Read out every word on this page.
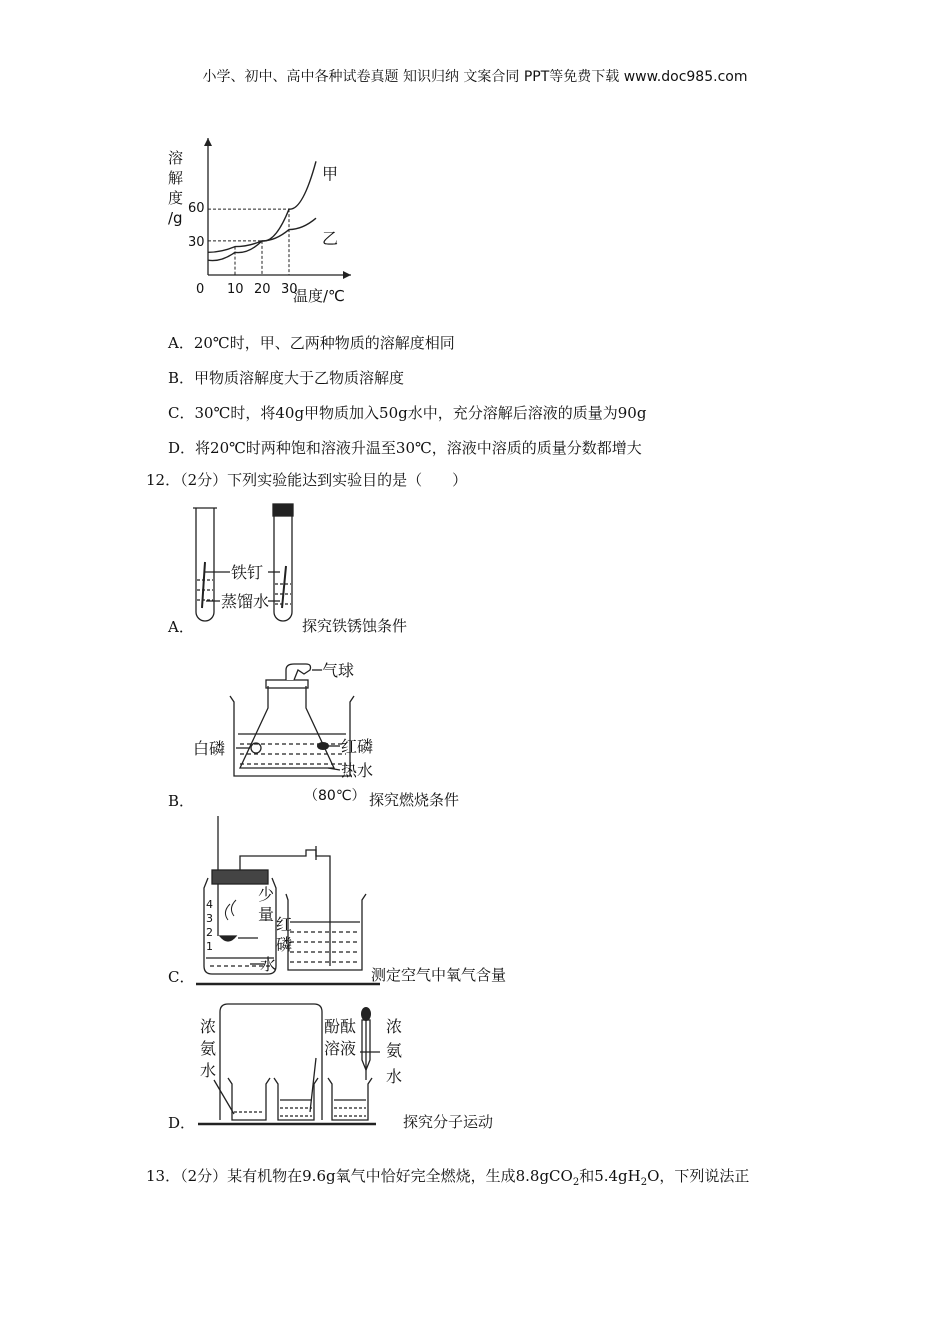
小学、初中、高中各种试卷真题 知识归纳 文案合同 PPT等免费下载 www.doc985.com
甲
乙
10 20 30
30
60
0	温度/℃
溶
解
度
/g
A．20℃时，甲、乙两种物质的溶解度相同
B．甲物质溶解度大于乙物质溶解度
C．30℃时，将40g甲物质加入50g水中，充分溶解后溶液的质量为90g
D．将20℃时两种饱和溶液升温至30℃，溶液中溶质的质量分数都增大
12．（2分）下列实验能达到实验目的是（　　）
铁钉
蒸馏水
A．	探究铁锈蚀条件
气球
白磷	红磷
热水
（80℃）
B．	探究燃烧条件
4
3
2
1
少
量
红
磷
水
C．	测定空气中氧气含量
浓
氨
水
酚酞
溶液
浓
氨
水
D．	探究分子运动
13．（2分）某有机物在9.6g氧气中恰好完全燃烧，生成8.8gCO$_2$和$5.4gH_2O$，下列说法正
